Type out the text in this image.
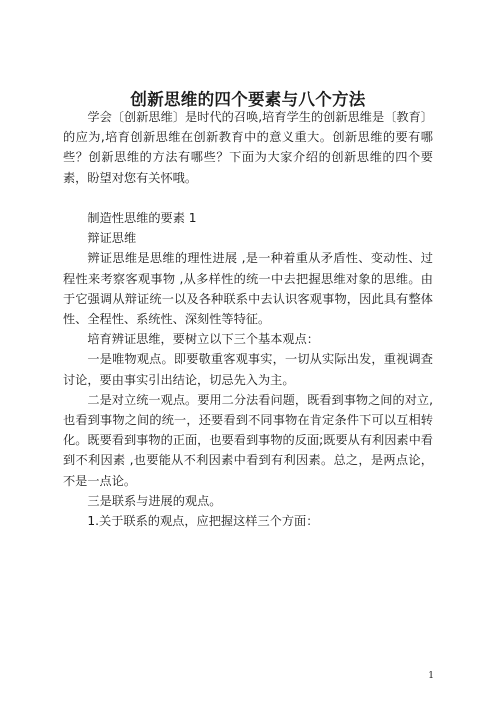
创新思维的四个要素与八个方法

学会〔创新思维〕是时代的召唤,培育学生的创新思维是〔教育〕的应为,培育创新思维在创新教育中的意义重大。创新思维的要有哪些？创新思维的方法有哪些？下面为大家介绍的创新思维的四个要素，盼望对您有关怀哦。

制造性思维的要素 1

辩证思维

辨证思维是思维的理性进展 ,是一种着重从矛盾性、变动性、过程性来考察客观事物 ,从多样性的统一中去把握思维对象的思维。由于它强调从辩证统一以及各种联系中去认识客观事物，因此具有整体性、全程性、系统性、深刻性等特征。

培育辨证思维，要树立以下三个基本观点：

一是唯物观点。即要敬重客观事实，一切从实际出发，重视调查讨论，要由事实引出结论，切忌先入为主。

二是对立统一观点。要用二分法看问题，既看到事物之间的对立,也看到事物之间的统一，还要看到不同事物在肯定条件下可以互相转化。既要看到事物的正面，也要看到事物的反面;既要从有利因素中看到不利因素 ,也要能从不利因素中看到有利因素。总之，是两点论，不是一点论。

三是联系与进展的观点。

1.关于联系的观点，应把握这样三个方面：

1
